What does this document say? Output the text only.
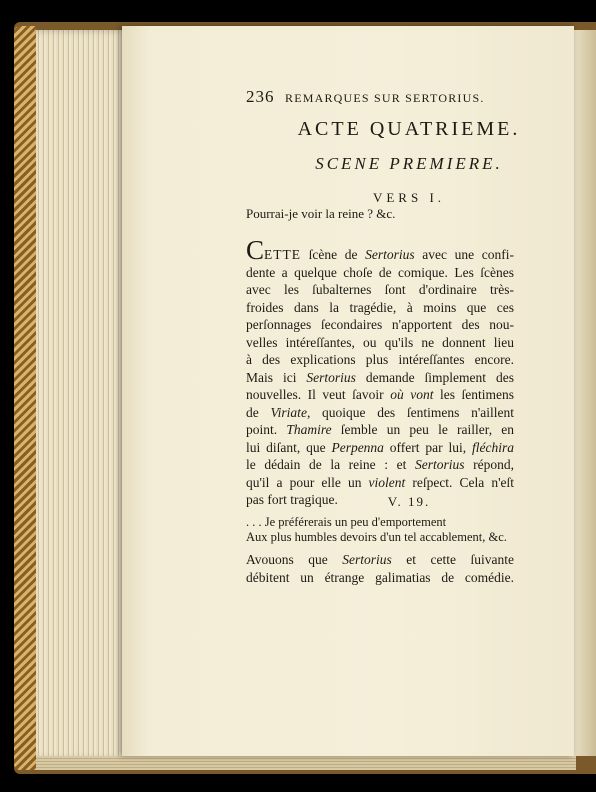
236 REMARQUES SUR SERTORIUS.
ACTE QUATRIEME.
SCENE PREMIERE.
VERS I.
Pourrai-je voir la reine ? &c.
CETTE ſcène de Sertorius avec une confi-
dente a quelque choſe de comique. Les ſcènes
avec les ſubalternes ſont d'ordinaire très-
froides dans la tragédie, à moins que ces
perſonnages ſecondaires n'apportent des nou-
velles intéreſſantes, ou qu'ils ne donnent lieu
à des explications plus intéreſſantes encore.
Mais ici Sertorius demande ſimplement des
nouvelles. Il veut ſavoir où vont les ſentimens
de Viriate, quoique des ſentimens n'aillent
point. Thamire ſemble un peu le railler, en
lui diſant, que Perpenna offert par lui, fléchira
le dédain de la reine : et Sertorius répond,
qu'il a pour elle un violent reſpect. Cela n'eſt
pas fort tragique.	V. 19.
. . . Je préférerais un peu d'emportement
Aux plus humbles devoirs d'un tel accablement, &c.
Avouons que Sertorius et cette ſuivante
débitent un étrange galimatias de comédie.
